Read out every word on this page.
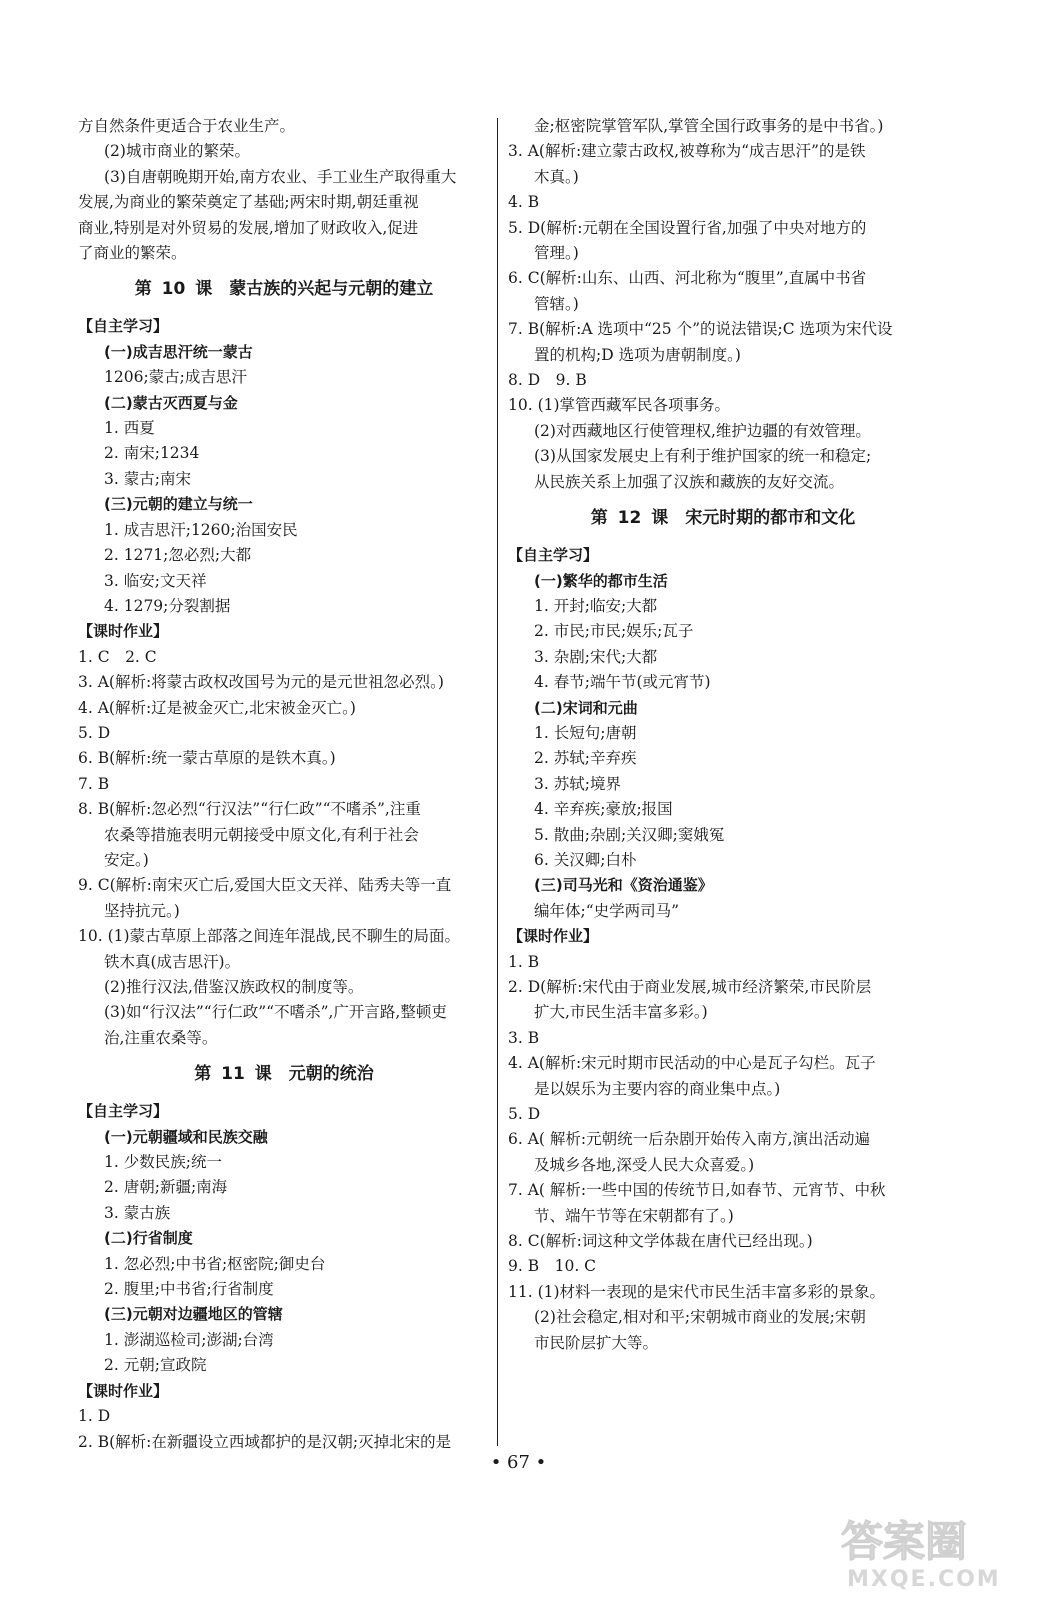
方自然条件更适合于农业生产。
(2)城市商业的繁荣。
(3)自唐朝晚期开始,南方农业、手工业生产取得重大
发展,为商业的繁荣奠定了基础;两宋时期,朝廷重视
商业,特别是对外贸易的发展,增加了财政收入,促进
了商业的繁荣。
第 10 课　蒙古族的兴起与元朝的建立
【自主学习】
(一)成吉思汗统一蒙古
1206;蒙古;成吉思汗
(二)蒙古灭西夏与金
1. 西夏
2. 南宋;1234
3. 蒙古;南宋
(三)元朝的建立与统一
1. 成吉思汗;1260;治国安民
2. 1271;忽必烈;大都
3. 临安;文天祥
4. 1279;分裂割据
【课时作业】
1. C　2. C
3. A(解析:将蒙古政权改国号为元的是元世祖忽必烈。)
4. A(解析:辽是被金灭亡,北宋被金灭亡。)
5. D
6. B(解析:统一蒙古草原的是铁木真。)
7. B
8. B(解析:忽必烈“行汉法”“行仁政”“不嗜杀”,注重
农桑等措施表明元朝接受中原文化,有利于社会
安定。)
9. C(解析:南宋灭亡后,爱国大臣文天祥、陆秀夫等一直
坚持抗元。)
10. (1)蒙古草原上部落之间连年混战,民不聊生的局面。
铁木真(成吉思汗)。
(2)推行汉法,借鉴汉族政权的制度等。
(3)如“行汉法”“行仁政”“不嗜杀”,广开言路,整顿吏
治,注重农桑等。
第 11 课　元朝的统治
【自主学习】
(一)元朝疆域和民族交融
1. 少数民族;统一
2. 唐朝;新疆;南海
3. 蒙古族
(二)行省制度
1. 忽必烈;中书省;枢密院;御史台
2. 腹里;中书省;行省制度
(三)元朝对边疆地区的管辖
1. 澎湖巡检司;澎湖;台湾
2. 元朝;宣政院
【课时作业】
1. D
2. B(解析:在新疆设立西域都护的是汉朝;灭掉北宋的是
金;枢密院掌管军队,掌管全国行政事务的是中书省。)
3. A(解析:建立蒙古政权,被尊称为“成吉思汗”的是铁
木真。)
4. B
5. D(解析:元朝在全国设置行省,加强了中央对地方的
管理。)
6. C(解析:山东、山西、河北称为“腹里”,直属中书省
管辖。)
7. B(解析:A 选项中“25 个”的说法错误;C 选项为宋代设
置的机构;D 选项为唐朝制度。)
8. D　9. B
10. (1)掌管西藏军民各项事务。
(2)对西藏地区行使管理权,维护边疆的有效管理。
(3)从国家发展史上有利于维护国家的统一和稳定;
从民族关系上加强了汉族和藏族的友好交流。
第 12 课　宋元时期的都市和文化
【自主学习】
(一)繁华的都市生活
1. 开封;临安;大都
2. 市民;市民;娱乐;瓦子
3. 杂剧;宋代;大都
4. 春节;端午节(或元宵节)
(二)宋词和元曲
1. 长短句;唐朝
2. 苏轼;辛弃疾
3. 苏轼;境界
4. 辛弃疾;豪放;报国
5. 散曲;杂剧;关汉卿;窦娥冤
6. 关汉卿;白朴
(三)司马光和《资治通鉴》
编年体;“史学两司马”
【课时作业】
1. B
2. D(解析:宋代由于商业发展,城市经济繁荣,市民阶层
扩大,市民生活丰富多彩。)
3. B
4. A(解析:宋元时期市民活动的中心是瓦子勾栏。瓦子
是以娱乐为主要内容的商业集中点。)
5. D
6. A( 解析:元朝统一后杂剧开始传入南方,演出活动遍
及城乡各地,深受人民大众喜爱。)
7. A( 解析:一些中国的传统节日,如春节、元宵节、中秋
节、端午节等在宋朝都有了。)
8. C(解析:词这种文学体裁在唐代已经出现。)
9. B　10. C
11. (1)材料一表现的是宋代市民生活丰富多彩的景象。
(2)社会稳定,相对和平;宋朝城市商业的发展;宋朝
市民阶层扩大等。
• 67 •
答案圈
MXQE.COM
